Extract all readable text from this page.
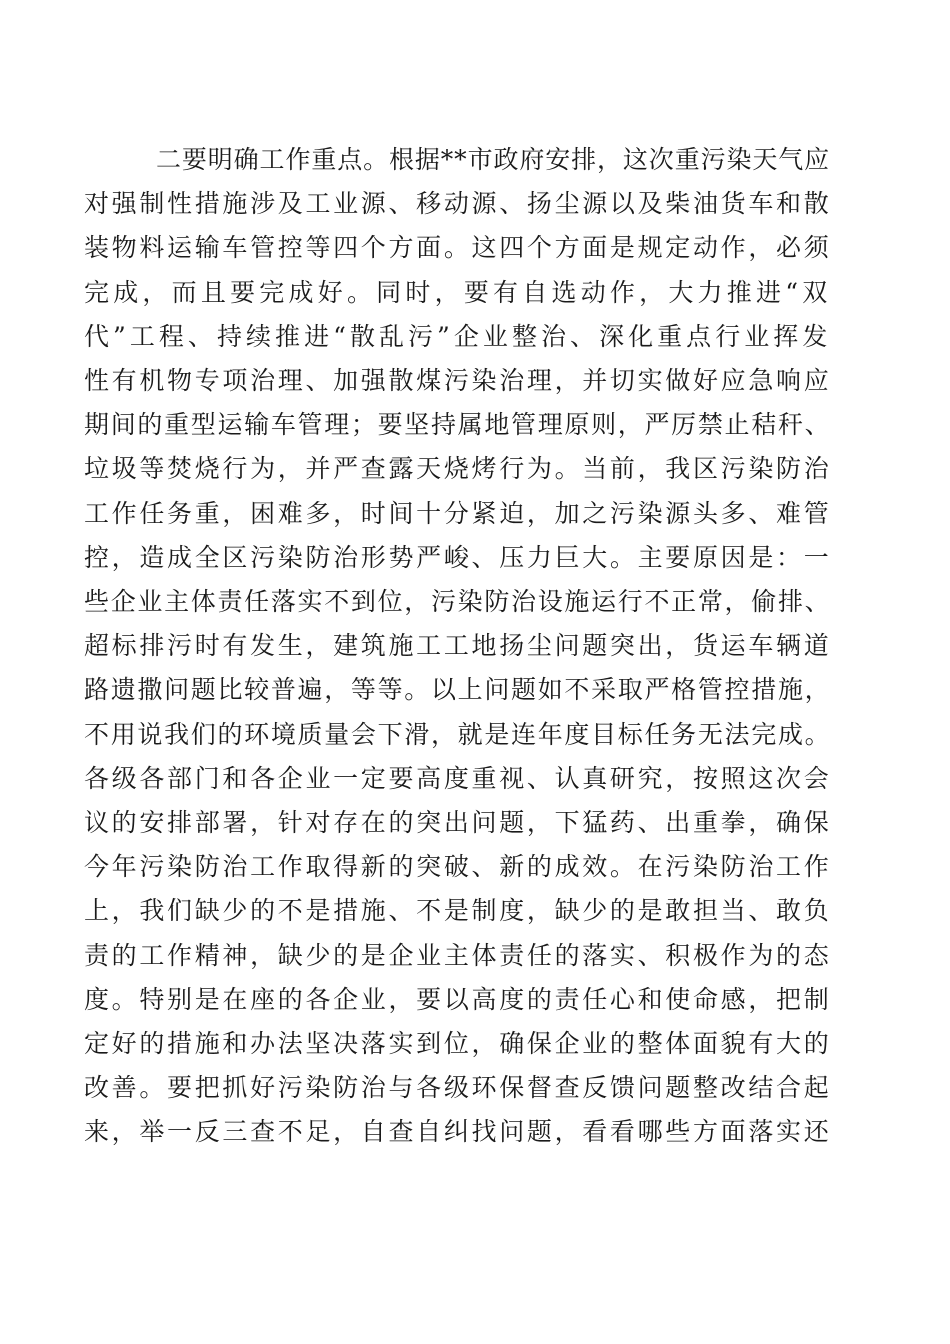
二要明确工作重点。根据**市政府安排，这次重污染天气应
对强制性措施涉及工业源、移动源、扬尘源以及柴油货车和散
装物料运输车管控等四个方面。这四个方面是规定动作，必须
完成，而且要完成好。同时，要有自选动作，大力推进“双
代”工程、持续推进“散乱污”企业整治、深化重点行业挥发
性有机物专项治理、加强散煤污染治理，并切实做好应急响应
期间的重型运输车管理；要坚持属地管理原则，严厉禁止秸秆、
垃圾等焚烧行为，并严查露天烧烤行为。当前，我区污染防治
工作任务重，困难多，时间十分紧迫，加之污染源头多、难管
控，造成全区污染防治形势严峻、压力巨大。主要原因是：一
些企业主体责任落实不到位，污染防治设施运行不正常，偷排、
超标排污时有发生，建筑施工工地扬尘问题突出，货运车辆道
路遗撒问题比较普遍，等等。以上问题如不采取严格管控措施，
不用说我们的环境质量会下滑，就是连年度目标任务无法完成。
各级各部门和各企业一定要高度重视、认真研究，按照这次会
议的安排部署，针对存在的突出问题，下猛药、出重拳，确保
今年污染防治工作取得新的突破、新的成效。在污染防治工作
上，我们缺少的不是措施、不是制度，缺少的是敢担当、敢负
责的工作精神，缺少的是企业主体责任的落实、积极作为的态
度。特别是在座的各企业，要以高度的责任心和使命感，把制
定好的措施和办法坚决落实到位，确保企业的整体面貌有大的
改善。要把抓好污染防治与各级环保督查反馈问题整改结合起
来，举一反三查不足，自查自纠找问题，看看哪些方面落实还
